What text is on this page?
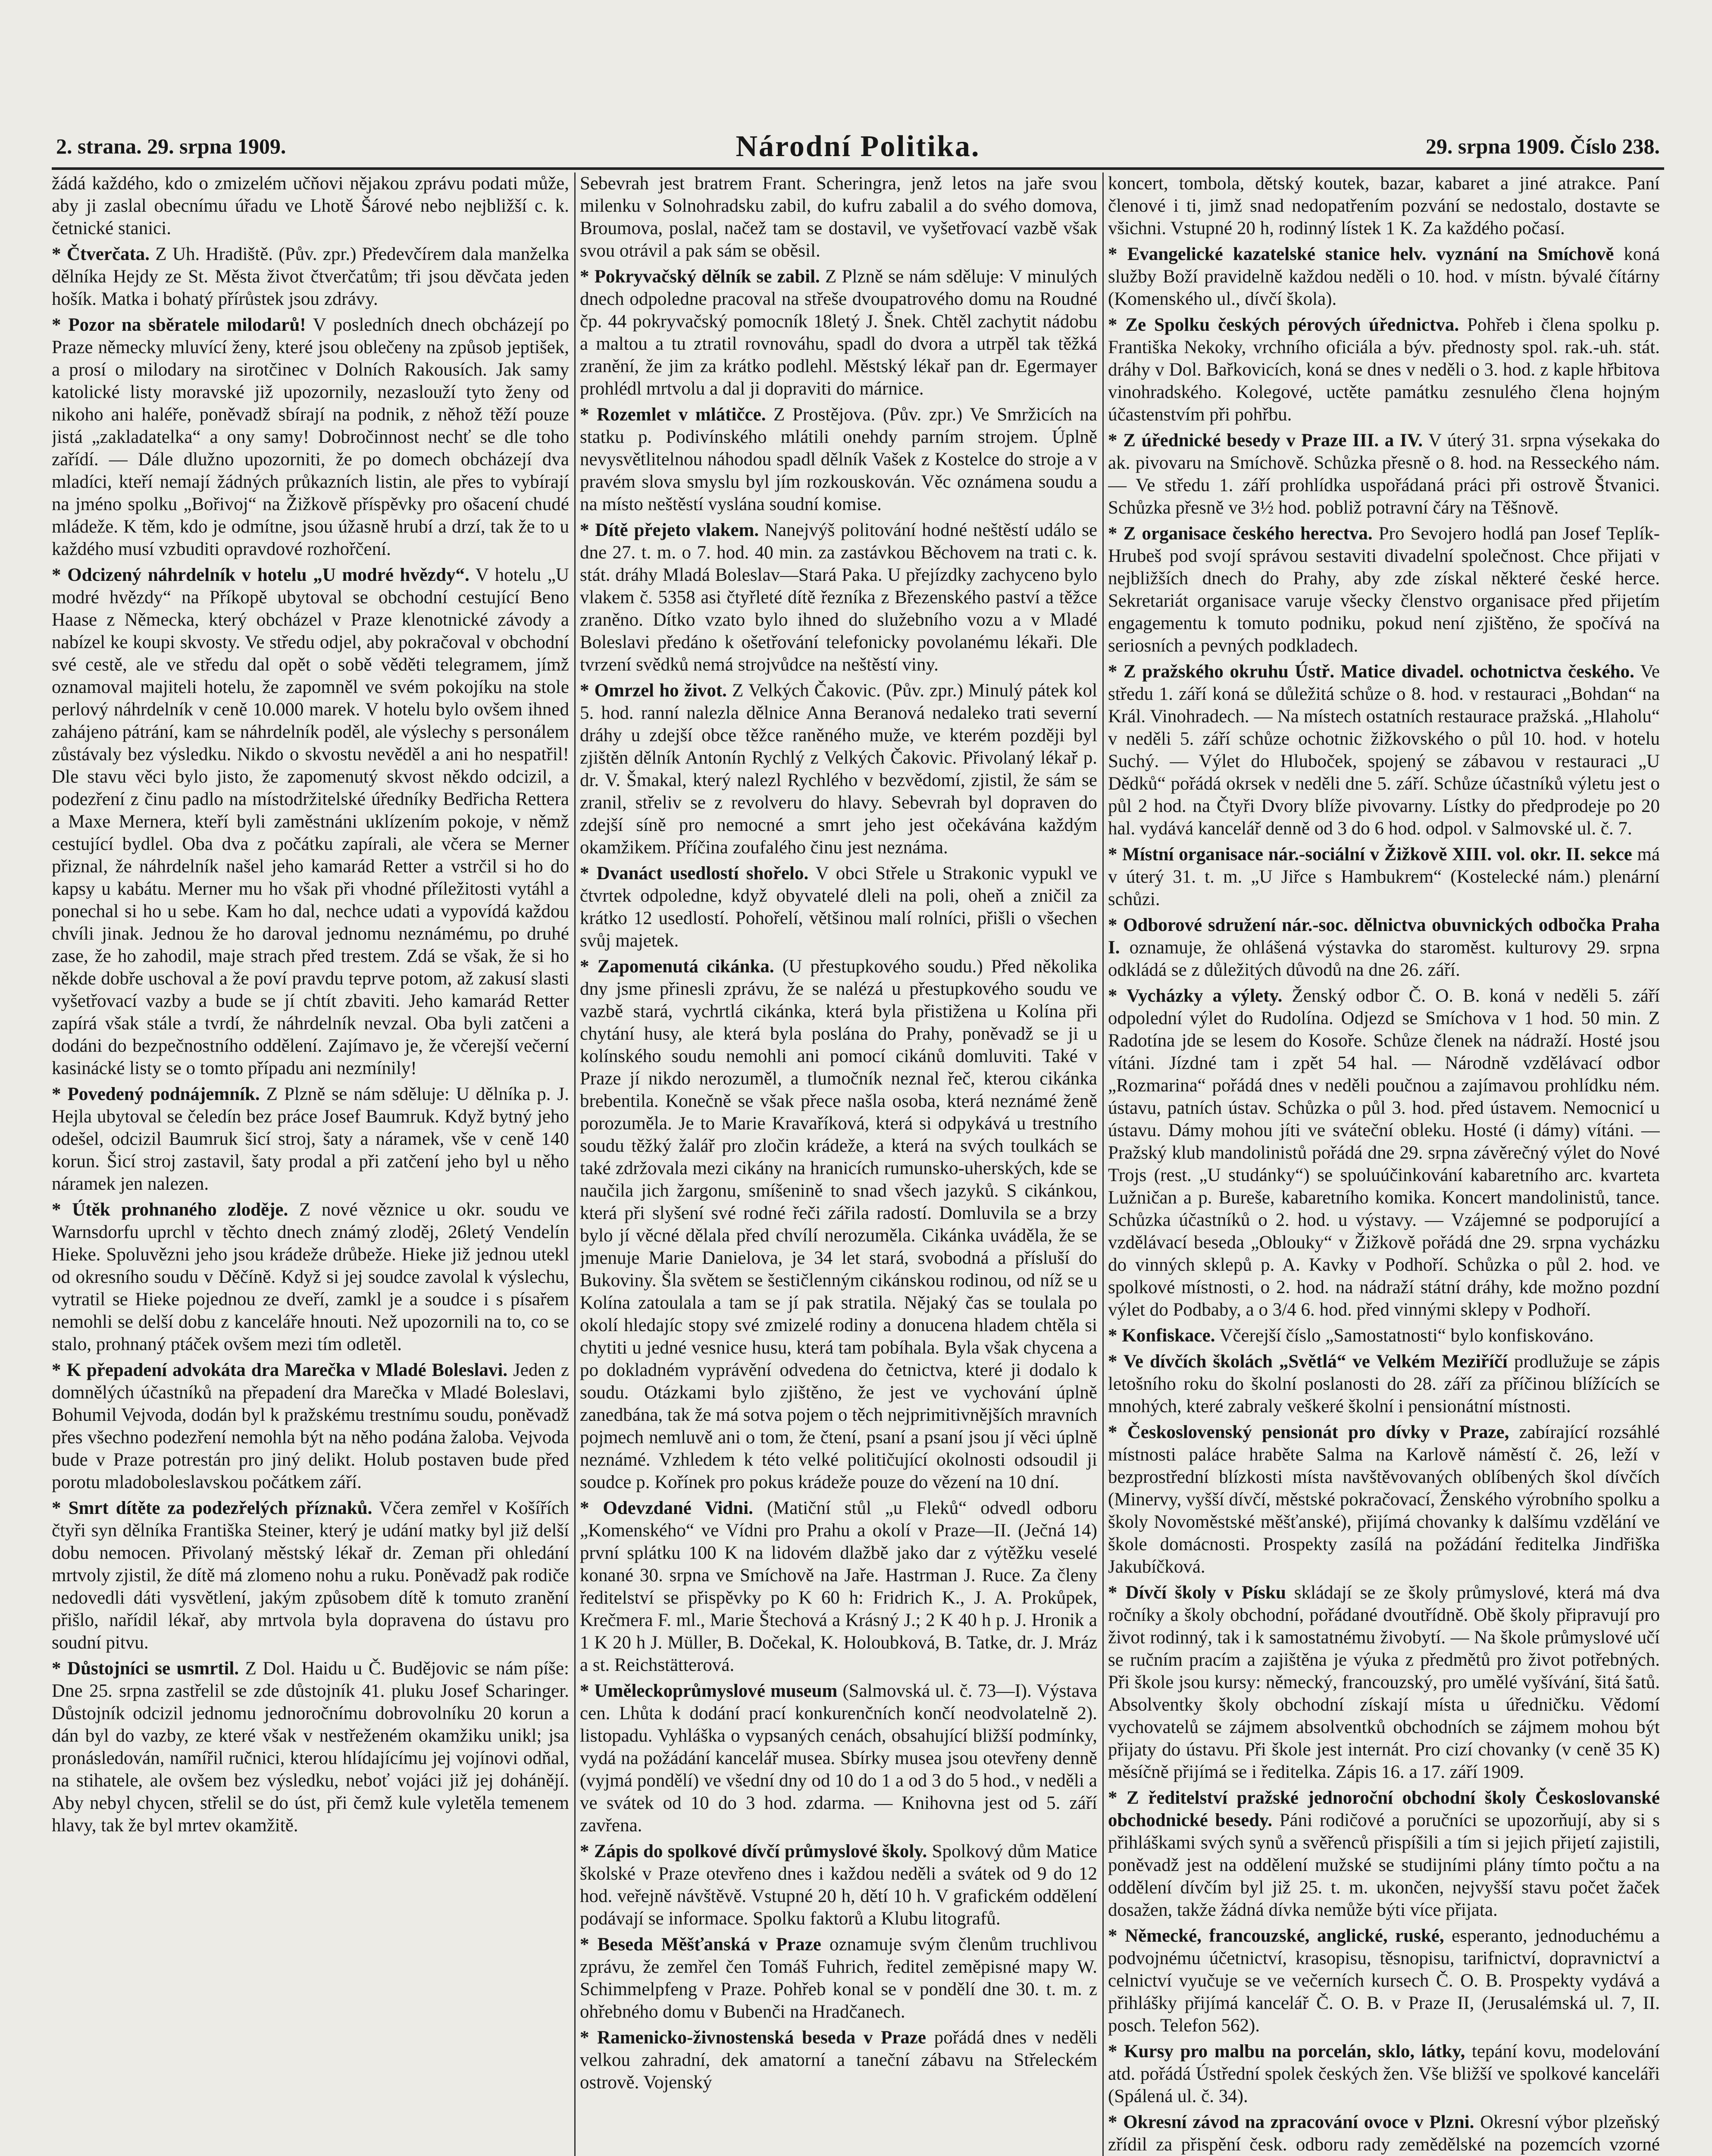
2. strana. 29. srpna 1909.	Národní Politika.	29. srpna 1909. Číslo 238.

žádá každého, kdo o zmizelém učňovi nějakou zprávu podati může, aby ji zaslal obecnímu úřadu ve Lhotě Šárové nebo nejbližší c. k. četnické stanici.

* Čtverčata. Z Uh. Hradiště. (Pův. zpr.) Předevčírem dala manželka dělníka Hejdy ze St. Města život čtverčatům; tři jsou děvčata jeden hošík. Matka i bohatý přírůstek jsou zdrávy.

* Pozor na sběratele milodarů! V posledních dnech obcházejí po Praze německy mluvící ženy, které jsou oblečeny na způsob jeptišek, a prosí o milodary na sirotčinec v Dolních Rakousích. Jak samy katolické listy moravské již upozornily, nezaslouží tyto ženy od nikoho ani haléře, poněvadž sbírají na podnik, z něhož těží pouze jistá „zakladatelka“ a ony samy! Dobročinnost nechť se dle toho zařídí. — Dále dlužno upozorniti, že po domech obcházejí dva mladíci, kteří nemají žádných průkazních listin, ale přes to vybírají na jméno spolku „Bořivoj“ na Žižkově příspěvky pro ošacení chudé mládeže. K těm, kdo je odmítne, jsou úžasně hrubí a drzí, tak že to u každého musí vzbuditi opravdové rozhořčení.

* Odcizený náhrdelník v hotelu „U modré hvězdy“. V hotelu „U modré hvězdy“ na Příkopě ubytoval se obchodní cestující Beno Haase z Německa, který obcházel v Praze klenotnické závody a nabízel ke koupi skvosty. Ve středu odjel, aby pokračoval v obchodní své cestě, ale ve středu dal opět o sobě věděti telegramem, jímž oznamoval majiteli hotelu, že zapomněl ve svém pokojíku na stole perlový náhrdelník v ceně 10.000 marek. V hotelu bylo ovšem ihned zahájeno pátrání, kam se náhrdelník poděl, ale výslechy s personálem zůstávaly bez výsledku. Nikdo o skvostu nevěděl a ani ho nespatřil! Dle stavu věci bylo jisto, že zapomenutý skvost někdo odcizil, a podezření z činu padlo na místodržitelské úředníky Bedřicha Rettera a Maxe Mernera, kteří byli zaměstnáni uklízením pokoje, v němž cestující bydlel. Oba dva z počátku zapírali, ale včera se Merner přiznal, že náhrdelník našel jeho kamarád Retter a vstrčil si ho do kapsy u kabátu. Merner mu ho však při vhodné příležitosti vytáhl a ponechal si ho u sebe. Kam ho dal, nechce udati a vypovídá každou chvíli jinak. Jednou že ho daroval jednomu neznámému, po druhé zase, že ho zahodil, maje strach před trestem. Zdá se však, že si ho někde dobře uschoval a že poví pravdu teprve potom, až zakusí slasti vyšetřovací vazby a bude se jí chtít zbaviti. Jeho kamarád Retter zapírá však stále a tvrdí, že náhrdelník nevzal. Oba byli zatčeni a dodáni do bezpečnostního oddělení. Zajímavo je, že včerejší večerní kasinácké listy se o tomto případu ani nezmínily!

* Povedený podnájemník. Z Plzně se nám sděluje: U dělníka p. J. Hejla ubytoval se čeledín bez práce Josef Baumruk. Když bytný jeho odešel, odcizil Baumruk šicí stroj, šaty a náramek, vše v ceně 140 korun. Šicí stroj zastavil, šaty prodal a při zatčení jeho byl u něho náramek jen nalezen.

* Útěk prohnaného zloděje. Z nové věznice u okr. soudu ve Warnsdorfu uprchl v těchto dnech známý zloděj, 26letý Vendelín Hieke. Spoluvězni jeho jsou krádeže drůbeže. Hieke již jednou utekl od okresního soudu v Děčíně. Když si jej soudce zavolal k výslechu, vytratil se Hieke pojednou ze dveří, zamkl je a soudce i s písařem nemohli se delší dobu z kanceláře hnouti. Než upozornili na to, co se stalo, prohnaný ptáček ovšem mezi tím odletěl.

* K přepadení advokáta dra Marečka v Mladé Boleslavi. Jeden z domnělých účastníků na přepadení dra Marečka v Mladé Boleslavi, Bohumil Vejvoda, dodán byl k pražskému trestnímu soudu, poněvadž přes všechno podezření nemohla být na něho podána žaloba. Vejvoda bude v Praze potrestán pro jiný delikt. Holub postaven bude před porotu mladoboleslavskou počátkem září.

* Smrt dítěte za podezřelých příznaků. Včera zemřel v Košířích čtyři syn dělníka Františka Steiner, který je udání matky byl již delší dobu nemocen. Přivolaný městský lékař dr. Zeman při ohledání mrtvoly zjistil, že dítě má zlomeno nohu a ruku. Poněvadž pak rodiče nedovedli dáti vysvětlení, jakým způsobem dítě k tomuto zranění přišlo, nařídil lékař, aby mrtvola byla dopravena do ústavu pro soudní pitvu.

* Důstojníci se usmrtil. Z Dol. Haidu u Č. Budějovic se nám píše: Dne 25. srpna zastřelil se zde důstojník 41. pluku Josef Scharinger. Důstojník odcizil jednomu jednoročnímu dobrovolníku 20 korun a dán byl do vazby, ze které však v nestřeženém okamžiku unikl; jsa pronásledován, namířil ručnici, kterou hlídajícímu jej vojínovi odňal, na stihatele, ale ovšem bez výsledku, neboť vojáci již jej dohánějí. Aby nebyl chycen, střelil se do úst, při čemž kule vyletěla temenem hlavy, tak že byl mrtev okamžitě.

Sebevrah jest bratrem Frant. Scheringra, jenž letos na jaře svou milenku v Solnohradsku zabil, do kufru zabalil a do svého domova, Broumova, poslal, načež tam se dostavil, ve vyšetřovací vazbě však svou otrávil a pak sám se oběsil.

* Pokryvačský dělník se zabil. Z Plzně se nám sděluje: V minulých dnech odpoledne pracoval na střeše dvoupatrového domu na Roudné čp. 44 pokryvačský pomocník 18letý J. Šnek. Chtěl zachytit nádobu a maltou a tu ztratil rovnováhu, spadl do dvora a utrpěl tak těžká zranění, že jim za krátko podlehl. Městský lékař pan dr. Egermayer prohlédl mrtvolu a dal ji dopraviti do márnice.

* Rozemlet v mlátičce. Z Prostějova. (Pův. zpr.) Ve Smržicích na statku p. Podivínského mlátili onehdy parním strojem. Úplně nevysvětlitelnou náhodou spadl dělník Vašek z Kostelce do stroje a v pravém slova smyslu byl jím rozkouskován. Věc oznámena soudu a na místo neštěstí vyslána soudní komise.

* Dítě přejeto vlakem. Nanejvýš politování hodné neštěstí událo se dne 27. t. m. o 7. hod. 40 min. za zastávkou Běchovem na trati c. k. stát. dráhy Mladá Boleslav—Stará Paka. U přejízdky zachyceno bylo vlakem č. 5358 asi čtyřleté dítě řezníka z Březenského paství a těžce zraněno. Dítko vzato bylo ihned do služebního vozu a v Mladé Boleslavi předáno k ošetřování telefonicky povolanému lékaři. Dle tvrzení svědků nemá strojvůdce na neštěstí viny.

* Omrzel ho život. Z Velkých Čakovic. (Pův. zpr.) Minulý pátek kol 5. hod. ranní nalezla dělnice Anna Beranová nedaleko trati severní dráhy u zdejší obce těžce raněného muže, ve kterém později byl zjištěn dělník Antonín Rychlý z Velkých Čakovic. Přivolaný lékař p. dr. V. Šmakal, který nalezl Rychlého v bezvědomí, zjistil, že sám se zranil, střeliv se z revolveru do hlavy. Sebevrah byl dopraven do zdejší síně pro nemocné a smrt jeho jest očekávána každým okamžikem. Příčina zoufalého činu jest neznáma.

* Dvanáct usedlostí shořelo. V obci Střele u Strakonic vypukl ve čtvrtek odpoledne, když obyvatelé dleli na poli, oheň a zničil za krátko 12 usedlostí. Pohořelí, většinou malí rolníci, přišli o všechen svůj majetek.

* Zapomenutá cikánka. (U přestupkového soudu.) Před několika dny jsme přinesli zprávu, že se nalézá u přestupkového soudu ve vazbě stará, vychrtlá cikánka, která byla přistižena u Kolína při chytání husy, ale která byla poslána do Prahy, poněvadž se ji u kolínského soudu nemohli ani pomocí cikánů domluviti. Také v Praze jí nikdo nerozuměl, a tlumočník neznal řeč, kterou cikánka brebentila. Konečně se však přece našla osoba, která neznámé ženě porozuměla. Je to Marie Kravaříková, která si odpykává u trestního soudu těžký žalář pro zločin krádeže, a která na svých toulkách se také zdržovala mezi cikány na hranicích rumunsko-uherských, kde se naučila jich žargonu, smíšenině to snad všech jazyků. S cikánkou, která při slyšení své rodné řeči zářila radostí. Domluvila se a brzy bylo jí věcné dělala před chvílí nerozuměla. Cikánka uváděla, že se jmenuje Marie Danielova, je 34 let stará, svobodná a přísluší do Bukoviny. Šla světem se šestičlenným cikánskou rodinou, od níž se u Kolína zatoulala a tam se jí pak stratila. Nějaký čas se toulala po okolí hledajíc stopy své zmizelé rodiny a donucena hladem chtěla si chytiti u jedné vesnice husu, která tam pobíhala. Byla však chycena a po dokladném vyprávění odvedena do četnictva, které ji dodalo k soudu. Otázkami bylo zjištěno, že jest ve vychování úplně zanedbána, tak že má sotva pojem o těch nejprimitivnějších mravních pojmech nemluvě ani o tom, že čtení, psaní a psaní jsou jí věci úplně neznámé. Vzhledem k této velké političující okolnosti odsoudil ji soudce p. Kořínek pro pokus krádeže pouze do vězení na 10 dní.

* Odevzdané Vidni. (Matiční stůl „u Fleků“ odvedl odboru „Komenského“ ve Vídni pro Prahu a okolí v Praze—II. (Ječná 14) první splátku 100 K na lidovém dlažbě jako dar z výtěžku veselé konané 30. srpna ve Smíchově na Jaře. Hastrman J. Ruce. Za členy ředitelství se přispěvky po K 60 h: Fridrich K., J. A. Prokůpek, Krečmera F. ml., Marie Štechová a Krásný J.; 2 K 40 h p. J. Hronik a 1 K 20 h J. Müller, B. Dočekal, K. Holoubková, B. Tatke, dr. J. Mráz a st. Reichstätterová.

* Uměleckoprůmyslové museum (Salmovská ul. č. 73—I). Výstava cen. Lhůta k dodání prací konkurenčních končí neodvolatelně 2). listopadu. Vyhláška o vypsaných cenách, obsahující bližší podmínky, vydá na požádání kancelář musea. Sbírky musea jsou otevřeny denně (vyjmá pondělí) ve všední dny od 10 do 1 a od 3 do 5 hod., v neděli a ve svátek od 10 do 3 hod. zdarma. — Knihovna jest od 5. září zavřena.

* Zápis do spolkové dívčí průmyslové školy. Spolkový dům Matice školské v Praze otevřeno dnes i každou neděli a svátek od 9 do 12 hod. veřejně návštěvě. Vstupné 20 h, dětí 10 h. V grafickém oddělení podávají se informace. Spolku faktorů a Klubu litografů.

* Beseda Měšťanská v Praze oznamuje svým členům truchlivou zprávu, že zemřel čen Tomáš Fuhrich, ředitel zeměpisné mapy W. Schimmelpfeng v Praze. Pohřeb konal se v pondělí dne 30. t. m. z ohřebného domu v Bubenči na Hradčanech.

* Ramenicko-živnostenská beseda v Praze pořádá dnes v neděli velkou zahradní, dek amatorní a taneční zábavu na Střeleckém ostrově. Vojenský

koncert, tombola, dětský koutek, bazar, kabaret a jiné atrakce. Paní členové i ti, jimž snad nedopatřením pozvání se nedostalo, dostavte se všichni. Vstupné 20 h, rodinný lístek 1 K. Za každého počasí.

* Evangelické kazatelské stanice helv. vyznání na Smíchově koná služby Boží pravidelně každou neděli o 10. hod. v místn. bývalé čítárny (Komenského ul., dívčí škola).

* Ze Spolku českých pérových úřednictva. Pohřeb i člena spolku p. Františka Nekoky, vrchního oficiála a býv. přednosty spol. rak.-uh. stát. dráhy v Dol. Bařkovicích, koná se dnes v neděli o 3. hod. z kaple hřbitova vinohradského. Kolegové, uctěte památku zesnulého člena hojným účastenstvím při pohřbu.

* Z úřednické besedy v Praze III. a IV. V úterý 31. srpna výsekaka do ak. pivovaru na Smíchově. Schůzka přesně o 8. hod. na Resseckého nám. — Ve středu 1. září prohlídka uspořádaná práci při ostrově Štvanici. Schůzka přesně ve 3½ hod. pobliž potravní čáry na Těšnově.

* Z organisace českého herectva. Pro Sevojero hodlá pan Josef Teplík-Hrubeš pod svojí správou sestaviti divadelní společnost. Chce přijati v nejbližších dnech do Prahy, aby zde získal některé české herce. Sekretariát organisace varuje všecky členstvo organisace před přijetím engagementu k tomuto podniku, pokud není zjištěno, že spočívá na seriosních a pevných podkladech.

* Z pražského okruhu Ústř. Matice divadel. ochotnictva českého. Ve středu 1. září koná se důležitá schůze o 8. hod. v restauraci „Bohdan“ na Král. Vinohradech. — Na místech ostatních restaurace pražská. „Hlaholu“ v neděli 5. září schůze ochotnic žižkovského o půl 10. hod. v hotelu Suchý. — Výlet do Hluboček, spojený se zábavou v restauraci „U Dědků“ pořádá okrsek v neděli dne 5. září. Schůze účastníků výletu jest o půl 2 hod. na Čtyři Dvory blíže pivovarny. Lístky do předprodeje po 20 hal. vydává kancelář denně od 3 do 6 hod. odpol. v Salmovské ul. č. 7.

* Místní organisace nár.-sociální v Žižkově XIII. vol. okr. II. sekce má v úterý 31. t. m. „U Jiřce s Hambukrem“ (Kostelecké nám.) plenární schůzi.

* Odborové sdružení nár.-soc. dělnictva obuvnických odbočka Praha I. oznamuje, že ohlášená výstavka do staroměst. kulturovy 29. srpna odkládá se z důležitých důvodů na dne 26. září.

* Vycházky a výlety. Ženský odbor Č. O. B. koná v neděli 5. září odpolední výlet do Rudolína. Odjezd se Smíchova v 1 hod. 50 min. Z Radotína jde se lesem do Kosoře. Schůze členek na nádraží. Hosté jsou vítáni. Jízdné tam i zpět 54 hal. — Národně vzdělávací odbor „Rozmarina“ pořádá dnes v neděli poučnou a zajímavou prohlídku ném. ústavu, patních ústav. Schůzka o půl 3. hod. před ústavem. Nemocnicí u ústavu. Dámy mohou jíti ve sváteční obleku. Hosté (i dámy) vítáni. — Pražský klub mandolinistů pořádá dne 29. srpna závěrečný výlet do Nové Trojs (rest. „U studánky“) se spoluúčinkování kabaretního arc. kvarteta Lužničan a p. Bureše, kabaretního komika. Koncert mandolinistů, tance. Schůzka účastníků o 2. hod. u výstavy. — Vzájemné se podporující a vzdělávací beseda „Oblouky“ v Žižkově pořádá dne 29. srpna vycházku do vinných sklepů p. A. Kavky v Podhoří. Schůzka o půl 2. hod. ve spolkové místnosti, o 2. hod. na nádraží státní dráhy, kde možno pozdní výlet do Podbaby, a o 3/4 6. hod. před vinnými sklepy v Podhoří.

* Konfiskace. Včerejší číslo „Samostatnosti“ bylo konfiskováno.

* Ve dívčích školách „Světlá“ ve Velkém Meziříčí prodlužuje se zápis letošního roku do školní poslanosti do 28. září za příčinou blížících se mnohých, které zabraly veškeré školní i pensionátní místnosti.

* Československý pensionát pro dívky v Praze, zabírající rozsáhlé místnosti paláce hraběte Salma na Karlově náměstí č. 26, leží v bezprostřední blízkosti místa navštěvovaných oblíbených škol dívčích (Minervy, vyšší dívčí, městské pokračovací, Ženského výrobního spolku a školy Novoměstské měšťanské), přijímá chovanky k dalšímu vzdělání ve škole domácnosti. Prospekty zasílá na požádání ředitelka Jindřiška Jakubíčková.

* Dívčí školy v Písku skládají se ze školy průmyslové, která má dva ročníky a školy obchodní, pořádané dvoutřídně. Obě školy připravují pro život rodinný, tak i k samostatnému živobytí. — Na škole průmyslové učí se ručním pracím a zajištěna je výuka z předmětů pro život potřebných. Při škole jsou kursy: německý, francouzský, pro umělé vyšívání, šitá šatů. Absolventky školy obchodní získají místa u úředničku. Vědomí vychovatelů se zájmem absolventků obchodních se zájmem mohou být přijaty do ústavu. Při škole jest internát. Pro cizí chovanky (v ceně 35 K) měsíčně přijímá se i ředitelka. Zápis 16. a 17. září 1909.

* Z ředitelství pražské jednoroční obchodní školy Českoslovanské obchodnické besedy. Páni rodičové a poručníci se upozorňují, aby si s přihláškami svých synů a svěřenců přispíšili a tím si jejich přijetí zajistili, poněvadž jest na oddělení mužské se studijními plány tímto počtu a na oddělení dívčím byl již 25. t. m. ukončen, nejvyšší stavu počet žaček dosažen, takže žádná dívka nemůže býti více přijata.

* Německé, francouzské, anglické, ruské, esperanto, jednoduchému a podvojnému účetnictví, krasopisu, těsnopisu, tarifnictví, dopravnictví a celnictví vyučuje se ve večerních kursech Č. O. B. Prospekty vydává a přihlášky přijímá kancelář Č. O. B. v Praze II, (Jerusalémská ul. 7, II. posch. Telefon 562).

* Kursy pro malbu na porcelán, sklo, látky, tepání kovu, modelování atd. pořádá Ústřední spolek českých žen. Vše bližší ve spolkové kanceláři (Spálená ul. č. 34).

* Okresní závod na zpracování ovoce v Plzni. Okresní výbor plzeňský zřídil za přispění česk. odboru rady zemědělské na pozemcích vzorné
